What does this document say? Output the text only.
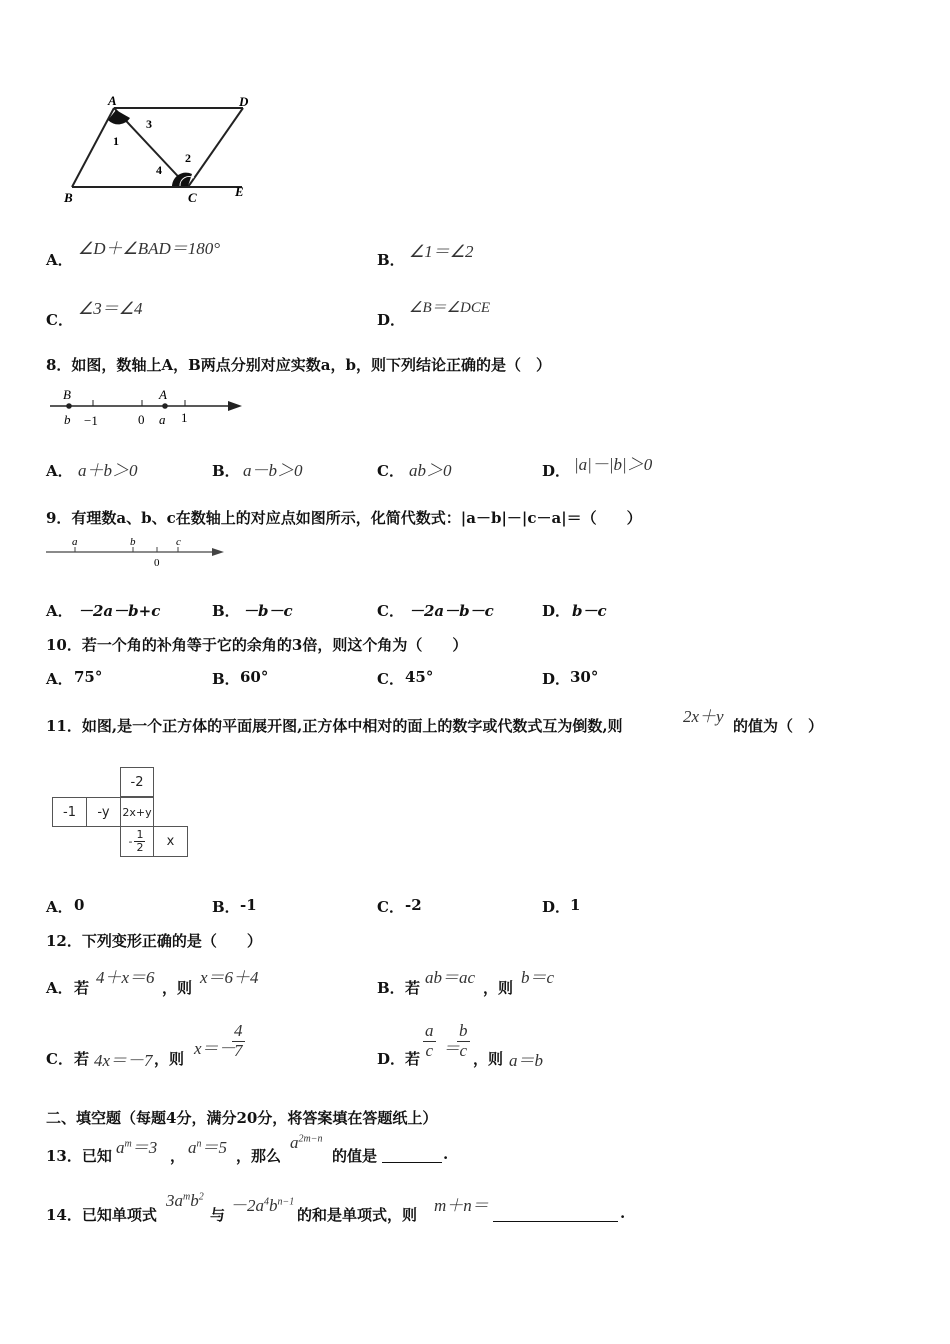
A	D
B	C	E
1
2
3
4
A．
∠D＋∠BAD＝180°
B． ∠1＝∠2
C．
∠3＝∠4
D．
∠B＝∠DCE
8．如图，数轴上A，B两点分别对应实数a，b，则下列结论正确的是（　）
B	A
b −1	0 a 1
A． a＋b＞0	B． a－b＞0	C． ab＞0	D． |a|－|b|＞0
9．有理数a、b、c在数轴上的对应点如图所示，化简代数式：|a－b|－|c－a|＝（　　）
a	b	c
0
A． －2a－b+c	B． －b－c	C． －2a－b－c	D． b－c
10．若一个角的补角等于它的余角的3倍，则这个角为（　　）
A． 75°	B． 60°	C． 45°	D． 30°
11．如图,是一个正方体的平面展开图,正方体中相对的面上的数字或代数式互为倒数,则	2x＋y 的值为（　）
-2
-1	-y	2x+y
- $\frac{1}{2}$	x
A． 0	B． -1	C． -2	D． 1
12．下列变形正确的是（　　）
A． 若
4＋x＝6
，则
x＝6＋4
B． 若
ab＝ac
，则
b＝c
C． 若 4x＝－7 ，则
x＝－
$\frac{4}{7}$	D． 若 $\frac{a}{c}$ ＝
$\frac{b}{c}$ ，则 a＝b
二、填空题（每题4分，满分20分，将答案填在答题纸上）
13．已知 $a^m=3$ ， $a^n=5$ ，那么
$a^{2m-n}$
的值是	.
14．已知单项式
$3a^mb^2$
与 $-2a^4b^{n-1}$
的和是单项式，则 m＋n＝	.
